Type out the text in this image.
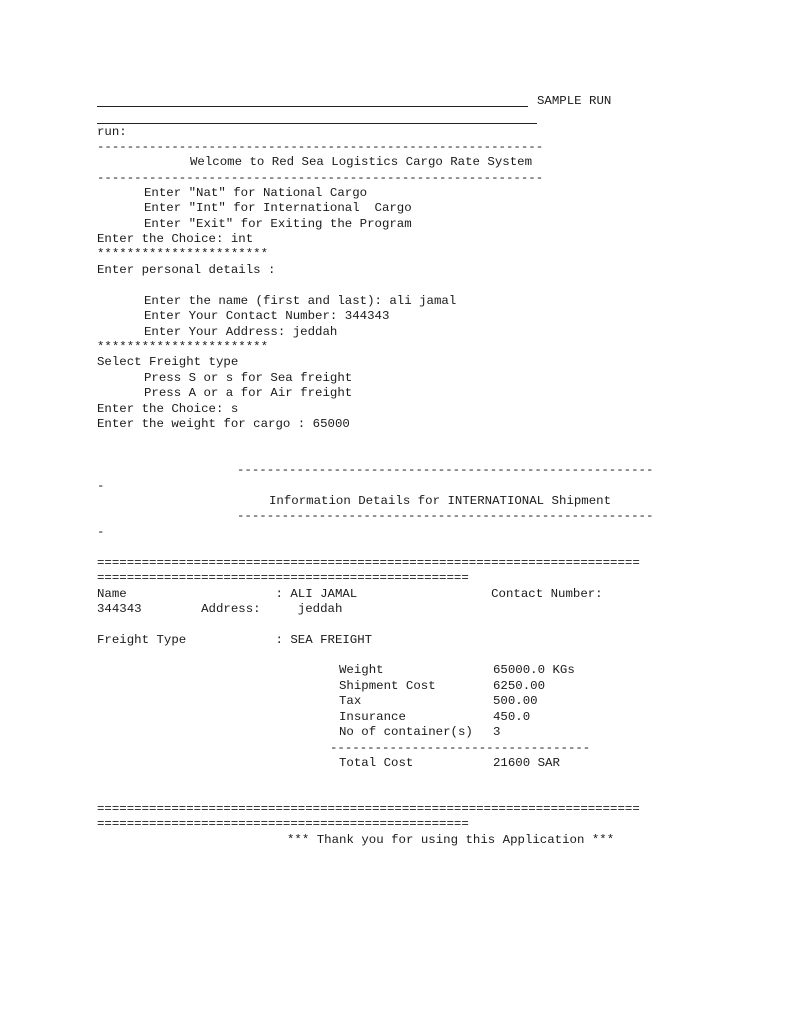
SAMPLE RUN
run:
------------------------------------------------------------
Welcome to Red Sea Logistics Cargo Rate System
------------------------------------------------------------
Enter "Nat" for National Cargo
Enter "Int" for International  Cargo
Enter "Exit" for Exiting the Program
Enter the Choice: int
***********************
Enter personal details :
Enter the name (first and last): ali jamal
Enter Your Contact Number: 344343
Enter Your Address: jeddah
***********************
Select Freight type
Press S or s for Sea freight
Press A or a for Air freight
Enter the Choice: s
Enter the weight for cargo : 65000
--------------------------------------------------------
-
Information Details for INTERNATIONAL Shipment
--------------------------------------------------------
-
=========================================================================
==================================================
Name                    : ALI JAMAL                  Contact Number:
344343        Address:     jeddah
Freight Type            : SEA FREIGHT
Weight	65000.0 KGs
Shipment Cost	6250.00
Tax	500.00
Insurance	450.0
No of container(s) 3
-----------------------------------
Total Cost	21600 SAR
=========================================================================
==================================================
*** Thank you for using this Application ***
